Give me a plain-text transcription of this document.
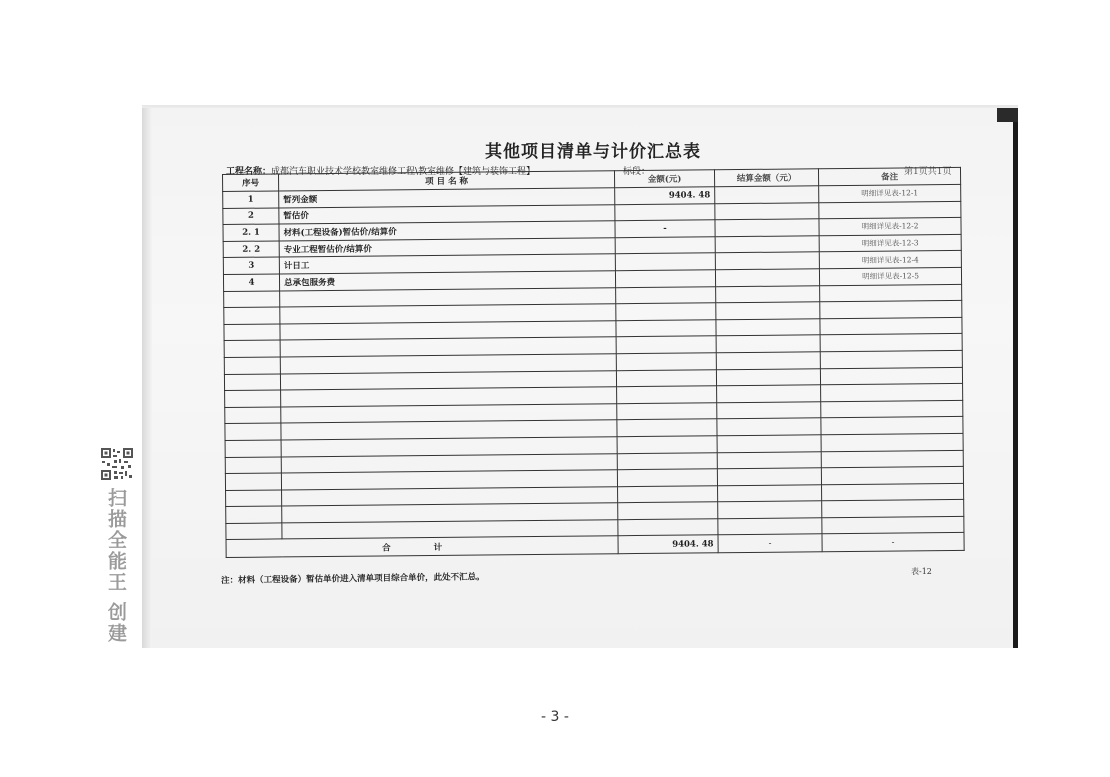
其他项目清单与计价汇总表
工程名称：成都汽车职业技术学校教室维修工程\教室维修【建筑与装饰工程】	标段：	第1页共1页
序号	项 目 名 称	金额(元)	结算金额（元）	备注
1	暂列金额	9404. 48		明细详见表-12-1
2	暂估价			
2. 1	材料(工程设备)暂估价/结算价	-		明细详见表-12-2
2. 2	专业工程暂估价/结算价			明细详见表-12-3
3	计日工			明细详见表-12-4
4	总承包服务费			明细详见表-12-5

合 计		9404. 48	-	-
表-12
注：材料（工程设备）暂估单价进入清单项目综合单价，此处不汇总。
扫描全能王 创建
- 3 -
